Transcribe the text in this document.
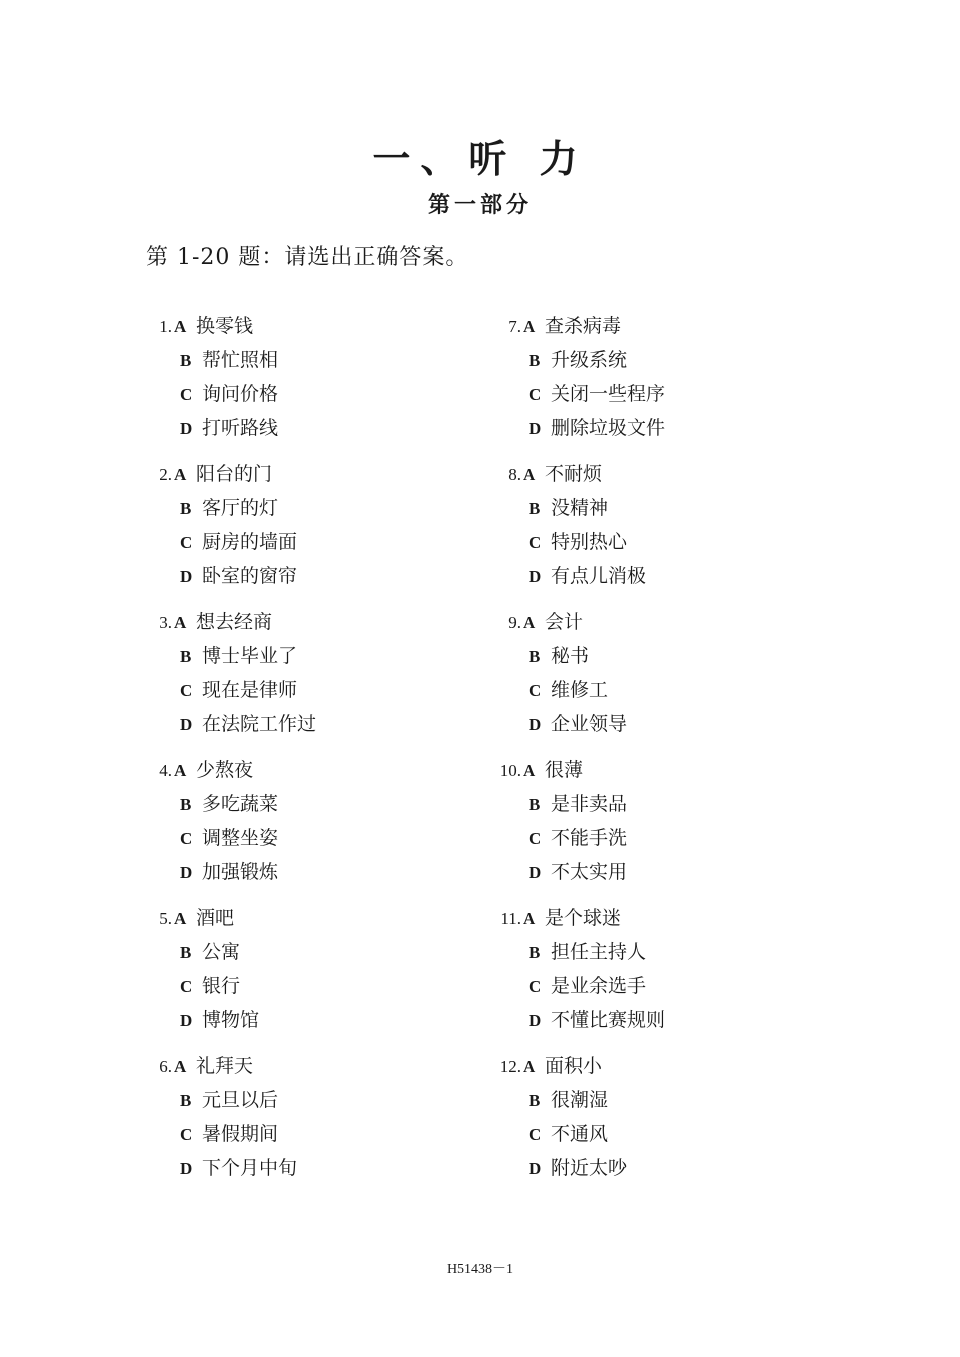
一、听 力
第一部分
第 1-20 题：请选出正确答案。
1. A 换零钱
B 帮忙照相
C 询问价格
D 打听路线
2. A 阳台的门
B 客厅的灯
C 厨房的墙面
D 卧室的窗帘
3. A 想去经商
B 博士毕业了
C 现在是律师
D 在法院工作过
4. A 少熬夜
B 多吃蔬菜
C 调整坐姿
D 加强锻炼
5. A 酒吧
B 公寓
C 银行
D 博物馆
6. A 礼拜天
B 元旦以后
C 暑假期间
D 下个月中旬
7. A 查杀病毒
B 升级系统
C 关闭一些程序
D 删除垃圾文件
8. A 不耐烦
B 没精神
C 特别热心
D 有点儿消极
9. A 会计
B 秘书
C 维修工
D 企业领导
10. A 很薄
B 是非卖品
C 不能手洗
D 不太实用
11. A 是个球迷
B 担任主持人
C 是业余选手
D 不懂比赛规则
12. A 面积小
B 很潮湿
C 不通风
D 附近太吵
H51438－1
